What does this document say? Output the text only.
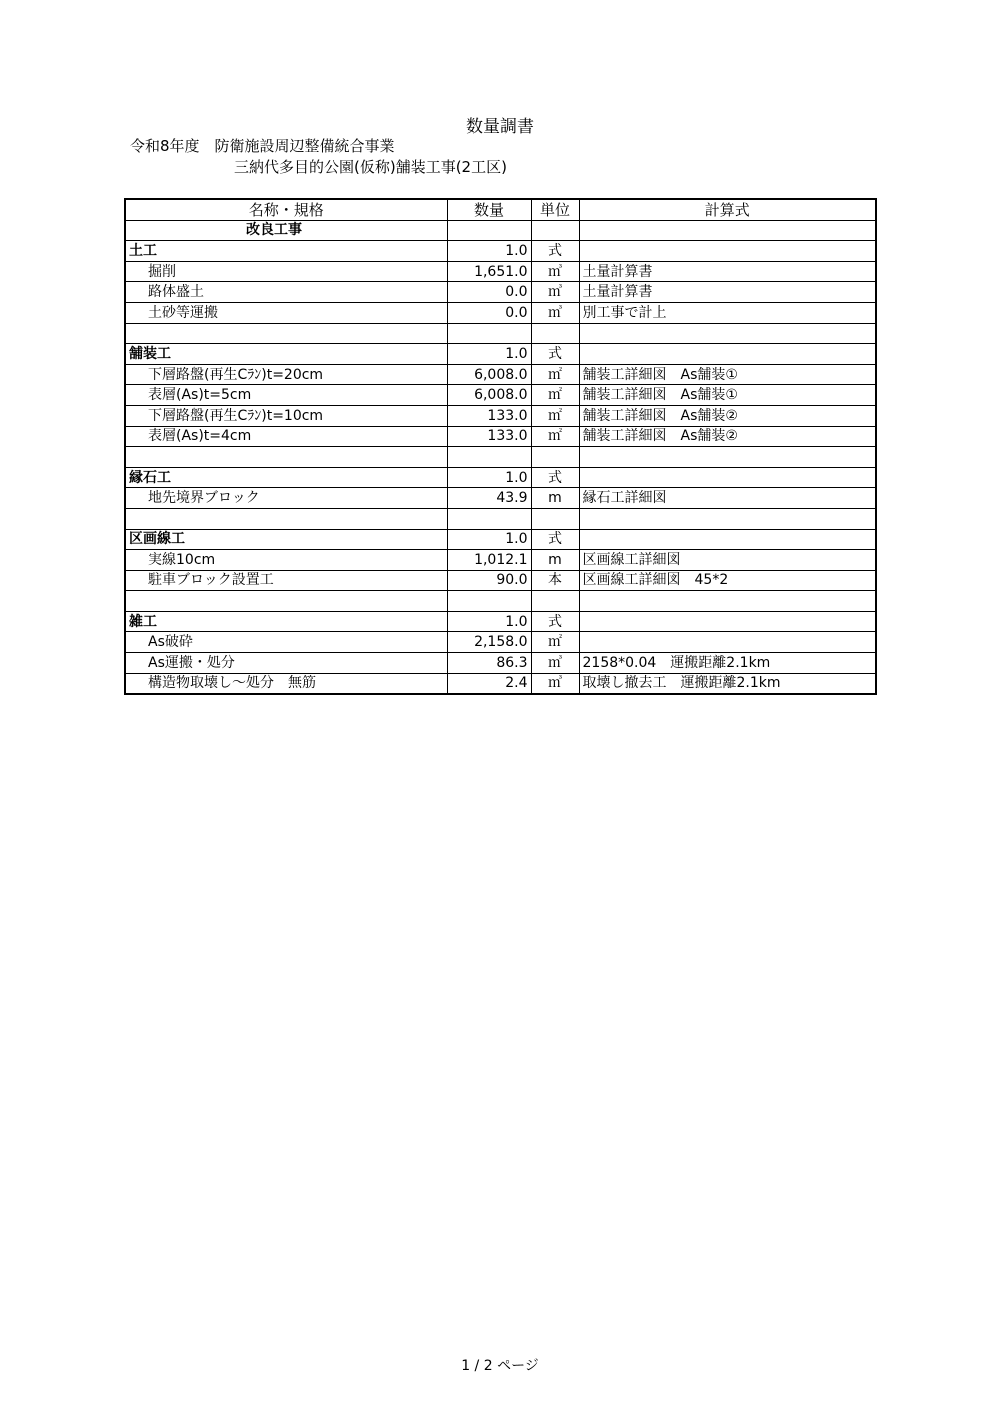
数量調書
令和8年度　防衛施設周辺整備統合事業
三納代多目的公園(仮称)舗装工事(2工区)
名称・規格	数量	単位	計算式
改良工事			
土工	1.0	式	
掘削	1,651.0	㎥	土量計算書
路体盛土	0.0	㎥	土量計算書
土砂等運搬	0.0	㎥	別工事で計上

舗装工	1.0	式	
下層路盤(再生Cﾗﾝ)t=20cm	6,008.0	㎡	舗装工詳細図　As舗装①
表層(As)t=5cm	6,008.0	㎡	舗装工詳細図　As舗装①
下層路盤(再生Cﾗﾝ)t=10cm	133.0	㎡	舗装工詳細図　As舗装②
表層(As)t=4cm	133.0	㎡	舗装工詳細図　As舗装②

縁石工	1.0	式	
地先境界ブロック	43.9	m	縁石工詳細図

区画線工	1.0	式	
実線10cm	1,012.1	m	区画線工詳細図
駐車ブロック設置工	90.0	本	区画線工詳細図　45*2

雑工	1.0	式	
As破砕	2,158.0	㎡	
As運搬・処分	86.3	㎥	2158*0.04　運搬距離2.1km
構造物取壊し～処分　無筋	2.4	㎥	取壊し撤去工　運搬距離2.1km
1 / 2 ページ
